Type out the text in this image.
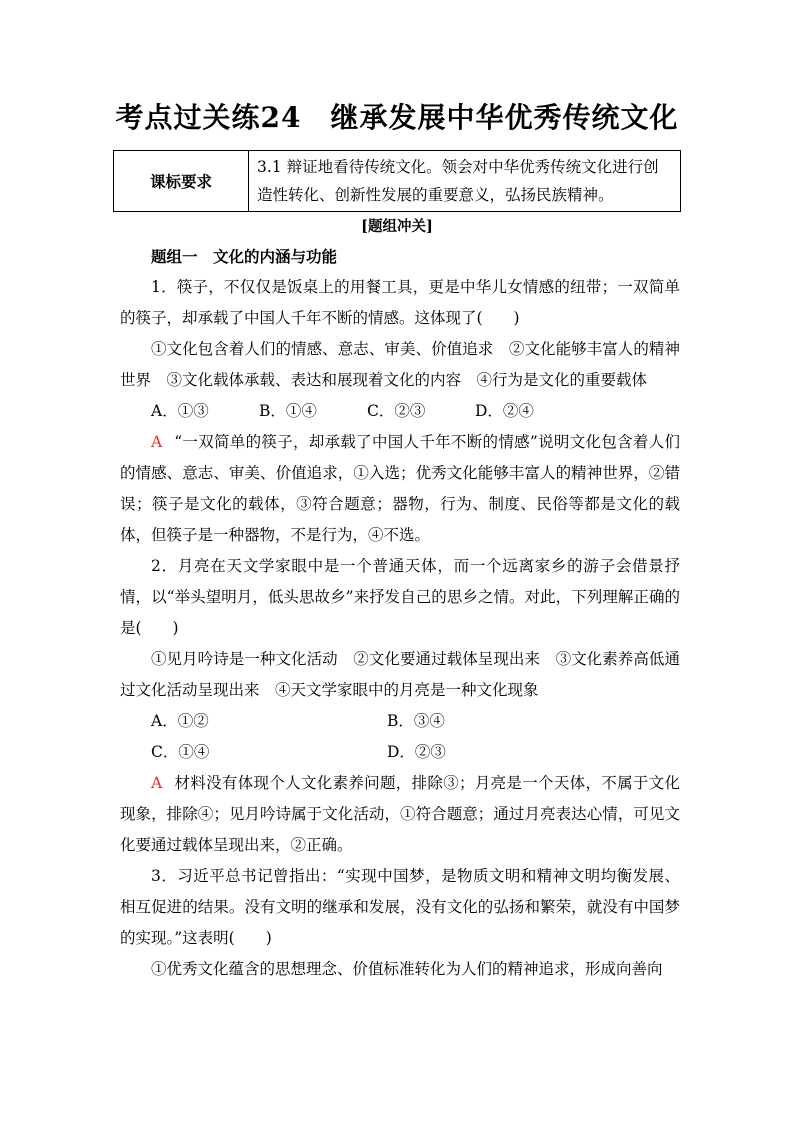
考点过关练24　继承发展中华优秀传统文化
课标要求	3.1 辩证地看待传统文化。领会对中华优秀传统文化进行创造性转化、创新性发展的重要意义，弘扬民族精神。
[题组冲关]

题组一　文化的内涵与功能

1．筷子，不仅仅是饭桌上的用餐工具，更是中华儿女情感的纽带；一双简单的筷子，却承载了中国人千年不断的情感。这体现了(　　)

①文化包含着人们的情感、意志、审美、价值追求　②文化能够丰富人的精神世界　③文化载体承载、表达和展现着文化的内容　④行为是文化的重要载体

A．①③	B．①④	C．②③	D．②④

A “一双简单的筷子，却承载了中国人千年不断的情感”说明文化包含着人们的情感、意志、审美、价值追求，①入选；优秀文化能够丰富人的精神世界，②错误；筷子是文化的载体，③符合题意；器物，行为、制度、民俗等都是文化的载体，但筷子是一种器物，不是行为，④不选。

2．月亮在天文学家眼中是一个普通天体，而一个远离家乡的游子会借景抒情，以“举头望明月，低头思故乡”来抒发自己的思乡之情。对此，下列理解正确的是(　　)

①见月吟诗是一种文化活动　②文化要通过载体呈现出来　③文化素养高低通过文化活动呈现出来　④天文学家眼中的月亮是一种文化现象

A．①②	B．③④
C．①④	D．②③

A 材料没有体现个人文化素养问题，排除③；月亮是一个天体，不属于文化现象，排除④；见月吟诗属于文化活动，①符合题意；通过月亮表达心情，可见文化要通过载体呈现出来，②正确。

3．习近平总书记曾指出：“实现中国梦，是物质文明和精神文明均衡发展、相互促进的结果。没有文明的继承和发展，没有文化的弘扬和繁荣，就没有中国梦的实现。”这表明(　　)

①优秀文化蕴含的思想理念、价值标准转化为人们的精神追求，形成向善向
